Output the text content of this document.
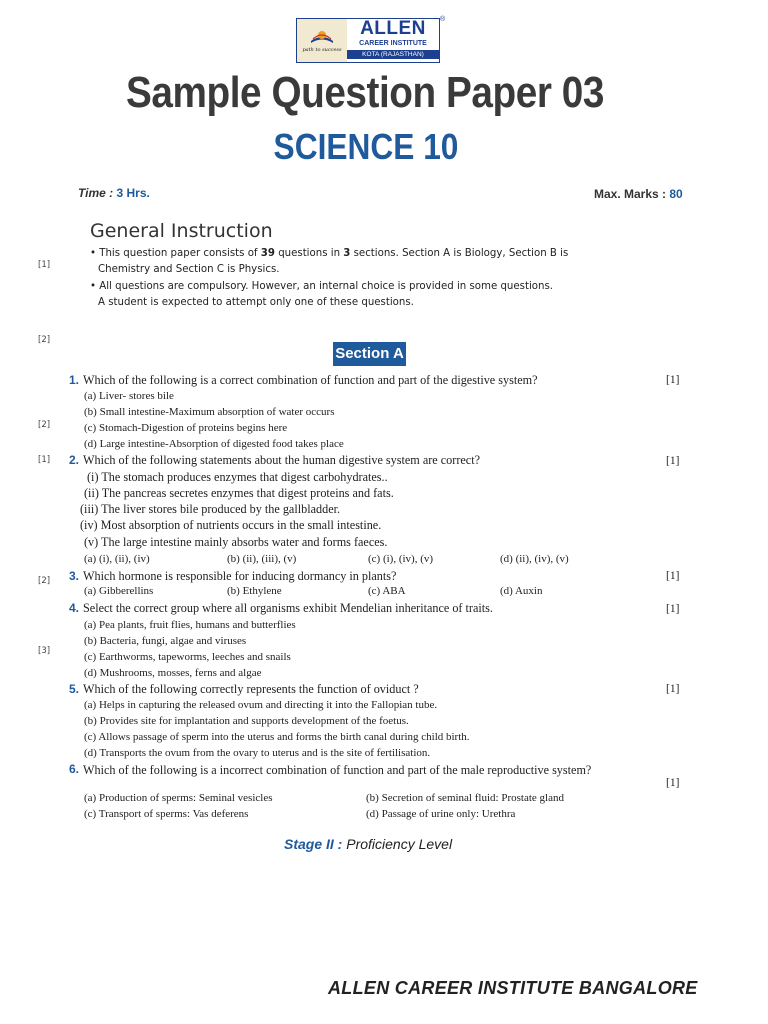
path to success
ALLEN
CAREER INSTITUTE
KOTA (RAJASTHAN)
®
Sample Question Paper 03
SCIENCE 10
Time : 3 Hrs.	Max. Marks : 80
General Instruction
• This question paper consists of 39 questions in 3 sections. Section A is Biology, Section B is
Chemistry and Section C is Physics.
• All questions are compulsory. However, an internal choice is provided in some questions.
A student is expected to attempt only one of these questions.
[1]
[2]
[2]
[1]
[2]
[3]
Section A
1. Which of the following is a correct combination of function and part of the digestive system?	[1]
(a) Liver- stores bile
(b) Small intestine-Maximum absorption of water occurs
(c) Stomach-Digestion of proteins begins here
(d) Large intestine-Absorption of digested food takes place
2. Which of the following statements about the human digestive system are correct?	[1]
(i) The stomach produces enzymes that digest carbohydrates..
(ii) The pancreas secretes enzymes that digest proteins and fats.
(iii) The liver stores bile produced by the gallbladder.
(iv) Most absorption of nutrients occurs in the small intestine.
(v) The large intestine mainly absorbs water and forms faeces.
(a) (i), (ii), (iv)	(b) (ii), (iii), (v)	(c) (i), (iv), (v)	(d) (ii), (iv), (v)
3. Which hormone is responsible for inducing dormancy in plants?	[1]
(a) Gibberellins	(b) Ethylene	(c) ABA	(d) Auxin
4. Select the correct group where all organisms exhibit Mendelian inheritance of traits.	[1]
(a) Pea plants, fruit flies, humans and butterflies
(b) Bacteria, fungi, algae and viruses
(c) Earthworms, tapeworms, leeches and snails
(d) Mushrooms, mosses, ferns and algae
5. Which of the following correctly represents the function of oviduct ?	[1]
(a) Helps in capturing the released ovum and directing it into the Fallopian tube.
(b) Provides site for implantation and supports development of the foetus.
(c) Allows passage of sperm into the uterus and forms the birth canal during child birth.
(d) Transports the ovum from the ovary to uterus and is the site of fertilisation.
6. Which of the following is a incorrect combination of function and part of the male reproductive system?
[1]
(a) Production of sperms: Seminal vesicles	(b) Secretion of seminal fluid: Prostate gland
(c) Transport of sperms: Vas deferens	(d) Passage of urine only: Urethra
Stage II : Proficiency Level
ALLEN CAREER INSTITUTE BANGALORE
